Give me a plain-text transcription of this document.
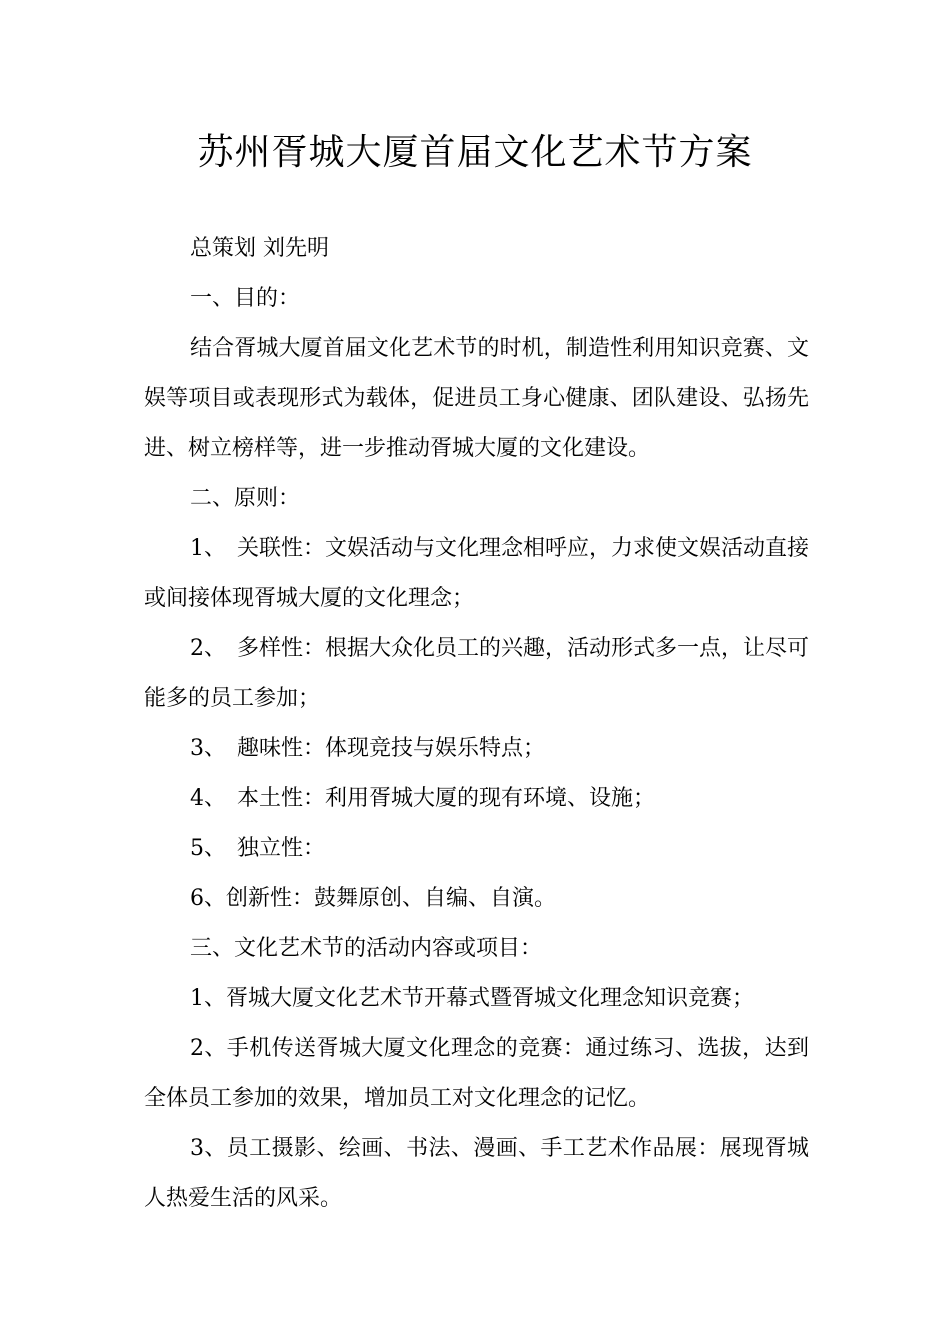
苏州胥城大厦首届文化艺术节方案

总策划 刘先明

一、目的：

结合胥城大厦首届文化艺术节的时机，制造性利用知识竞赛、文娱等项目或表现形式为载体，促进员工身心健康、团队建设、弘扬先进、树立榜样等，进一步推动胥城大厦的文化建设。

二、原则：

1、　关联性：文娱活动与文化理念相呼应，力求使文娱活动直接或间接体现胥城大厦的文化理念；

2、　多样性：根据大众化员工的兴趣，活动形式多一点，让尽可能多的员工参加；

3、　趣味性：体现竞技与娱乐特点；

4、　本土性：利用胥城大厦的现有环境、设施；

5、　独立性：

6、创新性：鼓舞原创、自编、自演。

三、文化艺术节的活动内容或项目：

1、胥城大厦文化艺术节开幕式暨胥城文化理念知识竞赛；

2、手机传送胥城大厦文化理念的竞赛：通过练习、选拔，达到全体员工参加的效果，增加员工对文化理念的记忆。

3、员工摄影、绘画、书法、漫画、手工艺术作品展：展现胥城人热爱生活的风采。
